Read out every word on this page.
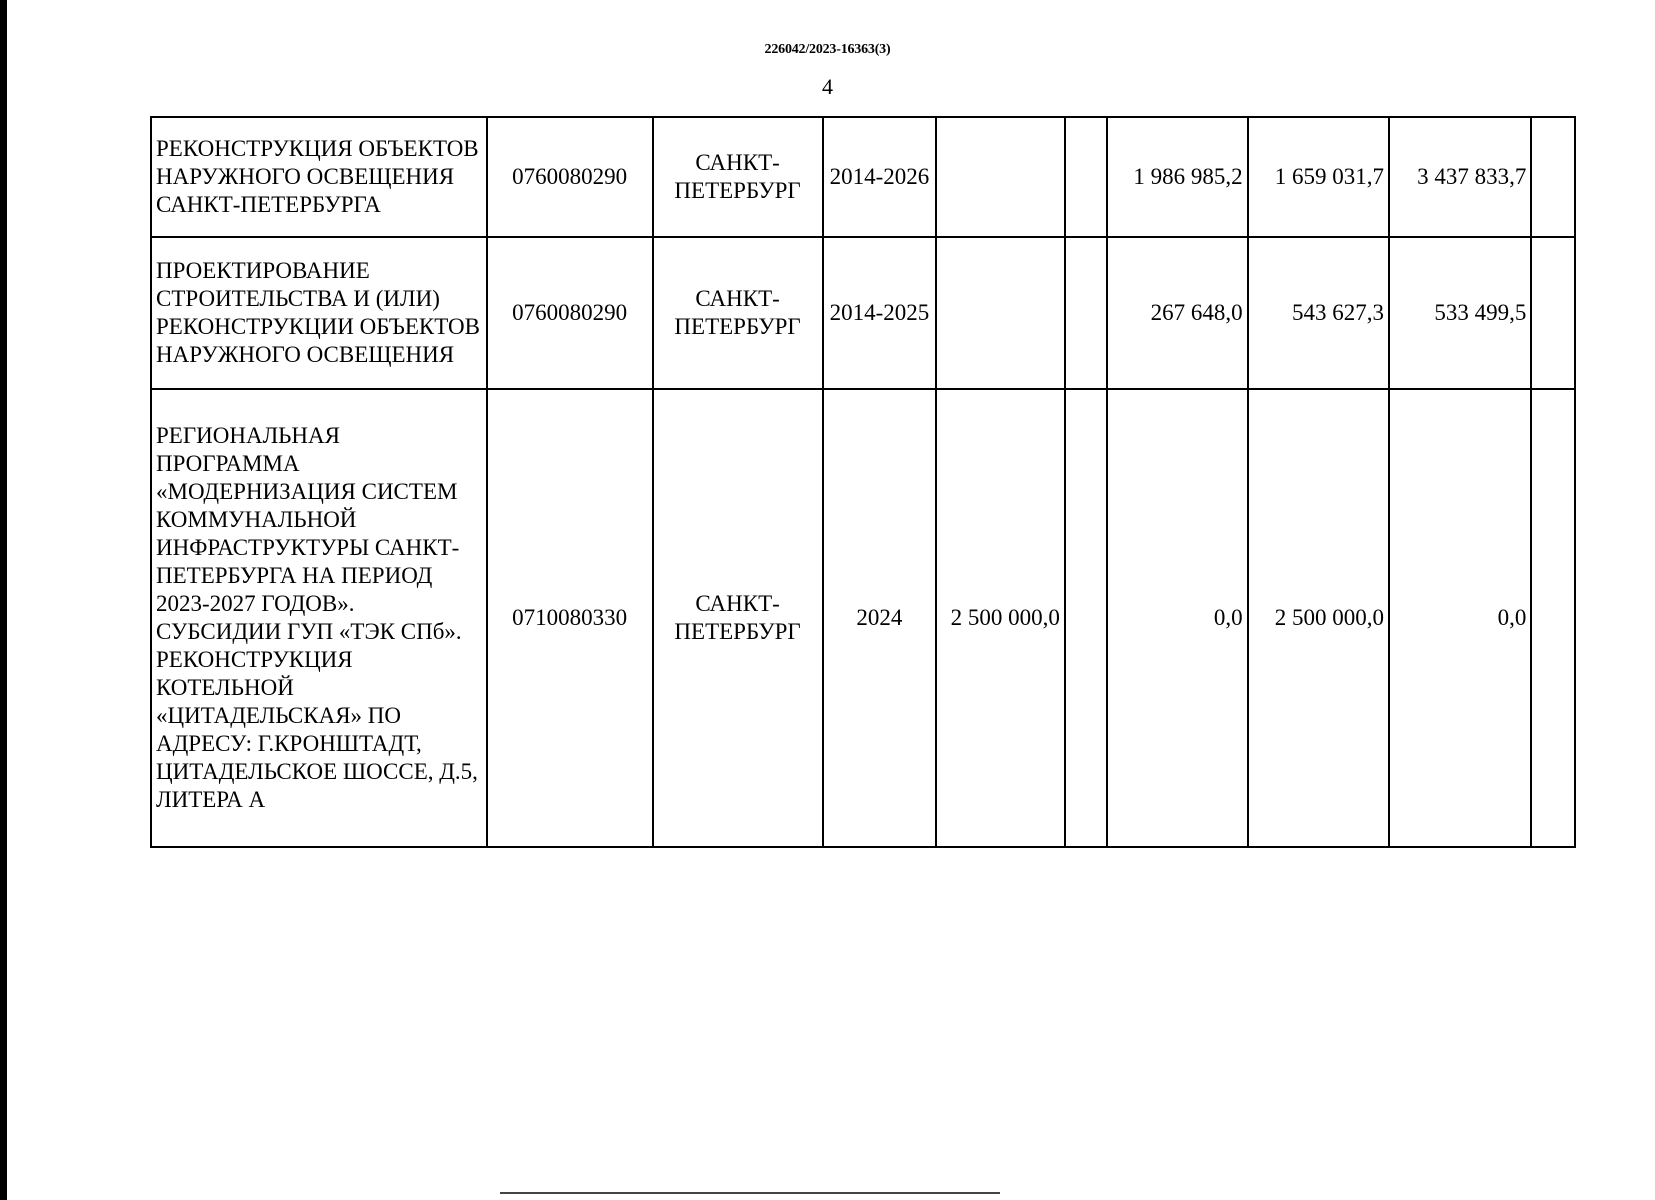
226042/2023-16363(3)
4
РЕКОНСТРУКЦИЯ ОБЪЕКТОВ НАРУЖНОГО ОСВЕЩЕНИЯ САНКТ-ПЕТЕРБУРГА	0760080290	САНКТ-ПЕТЕРБУРГ	2014-2026			1 986 985,2	1 659 031,7	3 437 833,7	
ПРОЕКТИРОВАНИЕ СТРОИТЕЛЬСТВА И (ИЛИ) РЕКОНСТРУКЦИИ ОБЪЕКТОВ НАРУЖНОГО ОСВЕЩЕНИЯ	0760080290	САНКТ-ПЕТЕРБУРГ	2014-2025			267 648,0	543 627,3	533 499,5	
РЕГИОНАЛЬНАЯ ПРОГРАММА «МОДЕРНИЗАЦИЯ СИСТЕМ КОММУНАЛЬНОЙ ИНФРАСТРУКТУРЫ САНКТ-ПЕТЕРБУРГА НА ПЕРИОД 2023-2027 ГОДОВ». СУБСИДИИ ГУП «ТЭК СПб». РЕКОНСТРУКЦИЯ КОТЕЛЬНОЙ «ЦИТАДЕЛЬСКАЯ» ПО АДРЕСУ: Г.КРОНШТАДТ, ЦИТАДЕЛЬСКОЕ ШОССЕ, Д.5, ЛИТЕРА А	0710080330	САНКТ-ПЕТЕРБУРГ	2024	2 500 000,0		0,0	2 500 000,0	0,0	
